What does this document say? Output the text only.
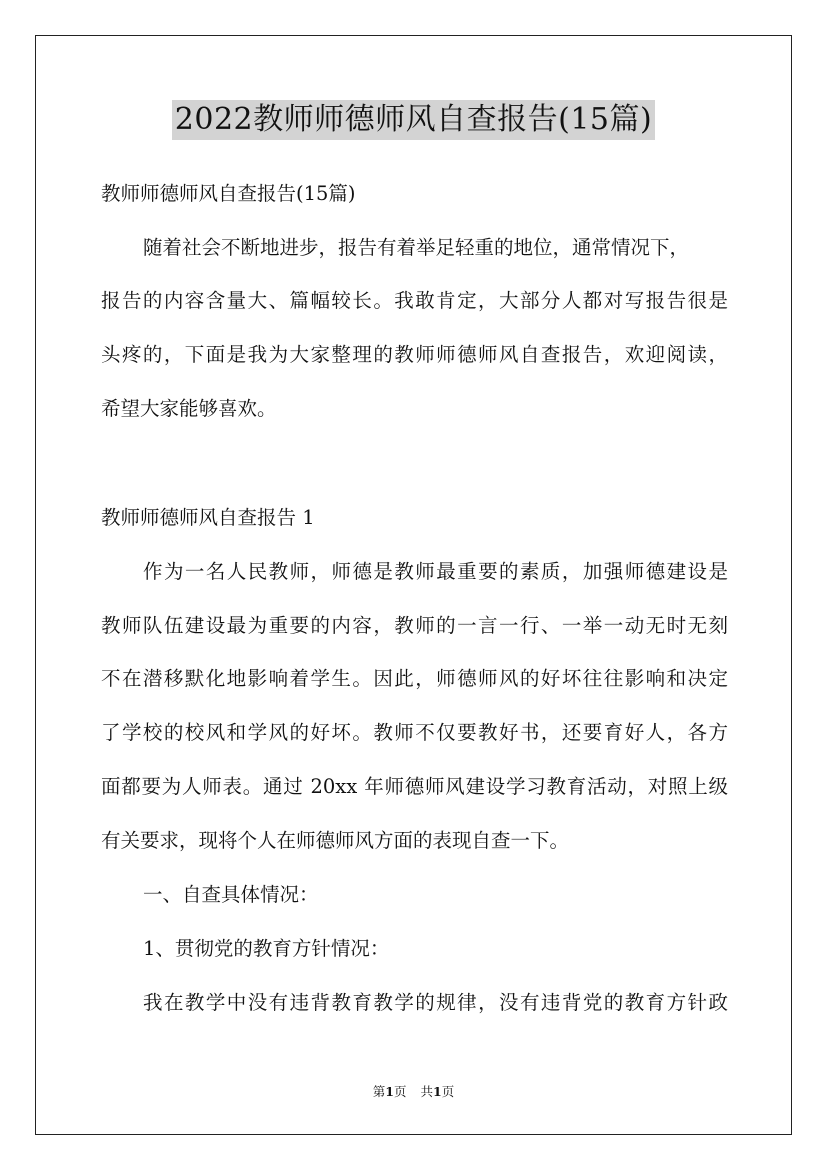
2022教师师德师风自查报告(15篇)
教师师德师风自查报告(15篇)
随着社会不断地进步，报告有着举足轻重的地位，通常情况下，
报告的内容含量大、篇幅较长。我敢肯定，大部分人都对写报告很是
头疼的，下面是我为大家整理的教师师德师风自查报告，欢迎阅读，
希望大家能够喜欢。
教师师德师风自查报告 1
作为一名人民教师，师德是教师最重要的素质，加强师德建设是
教师队伍建设最为重要的内容，教师的一言一行、一举一动无时无刻
不在潜移默化地影响着学生。因此，师德师风的好坏往往影响和决定
了学校的校风和学风的好坏。教师不仅要教好书，还要育好人，各方
面都要为人师表。通过 20xx 年师德师风建设学习教育活动，对照上级
有关要求，现将个人在师德师风方面的表现自查一下。
一、自查具体情况：
1、贯彻党的教育方针情况：
我在教学中没有违背教育教学的规律，没有违背党的教育方针政
第1页 共1页
